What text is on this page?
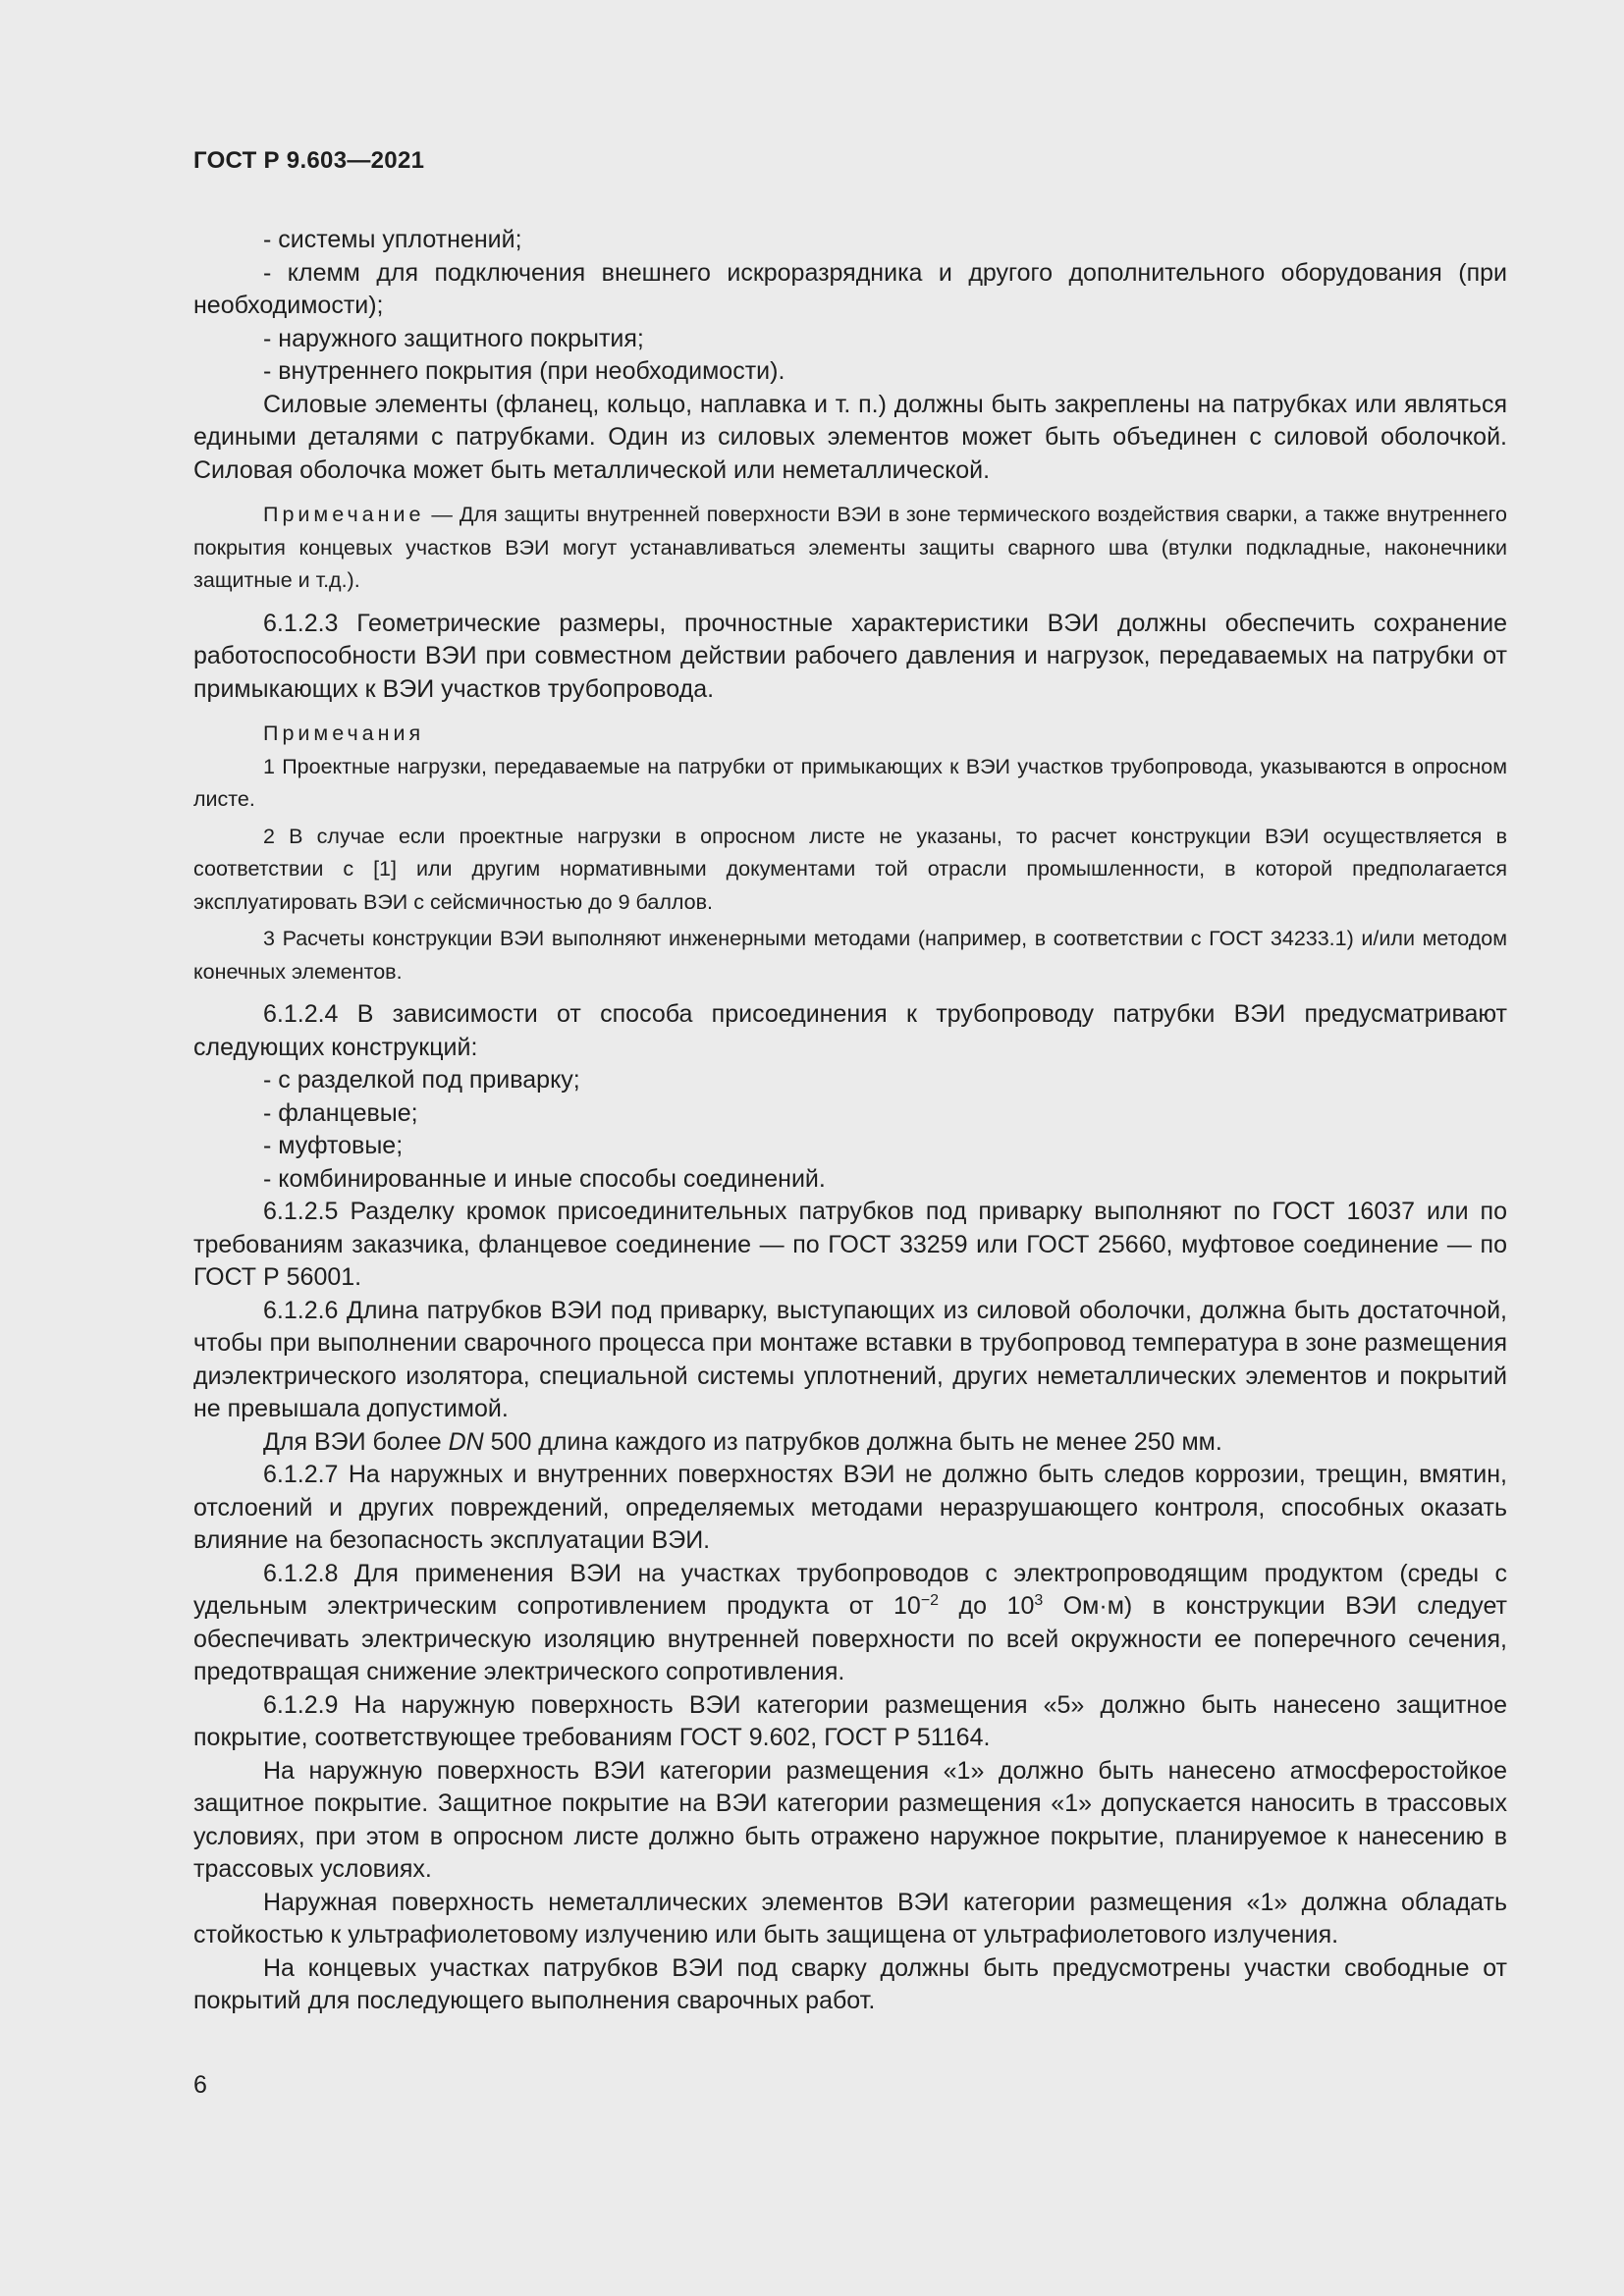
ГОСТ Р 9.603—2021

- системы уплотнений;

- клемм для подключения внешнего искроразрядника и другого дополнительного оборудования (при необходимости);

- наружного защитного покрытия;

- внутреннего покрытия (при необходимости).

Силовые элементы (фланец, кольцо, наплавка и т. п.) должны быть закреплены на патрубках или являться едиными деталями с патрубками. Один из силовых элементов может быть объединен с силовой оболочкой. Силовая оболочка может быть металлической или неметаллической.

Примечание — Для защиты внутренней поверхности ВЭИ в зоне термического воздействия сварки, а также внутреннего покрытия концевых участков ВЭИ могут устанавливаться элементы защиты сварного шва (втулки подкладные, наконечники защитные и т.д.).

6.1.2.3 Геометрические размеры, прочностные характеристики ВЭИ должны обеспечить сохранение работоспособности ВЭИ при совместном действии рабочего давления и нагрузок, передаваемых на патрубки от примыкающих к ВЭИ участков трубопровода.

Примечания

1 Проектные нагрузки, передаваемые на патрубки от примыкающих к ВЭИ участков трубопровода, указываются в опросном листе.

2 В случае если проектные нагрузки в опросном листе не указаны, то расчет конструкции ВЭИ осуществляется в соответствии с [1] или другим нормативными документами той отрасли промышленности, в которой предполагается эксплуатировать ВЭИ с сейсмичностью до 9 баллов.

3 Расчеты конструкции ВЭИ выполняют инженерными методами (например, в соответствии с ГОСТ 34233.1) и/или методом конечных элементов.

6.1.2.4 В зависимости от способа присоединения к трубопроводу патрубки ВЭИ предусматривают следующих конструкций:

- с разделкой под приварку;

- фланцевые;

- муфтовые;

- комбинированные и иные способы соединений.

6.1.2.5 Разделку кромок присоединительных патрубков под приварку выполняют по ГОСТ 16037 или по требованиям заказчика, фланцевое соединение — по ГОСТ 33259 или ГОСТ 25660, муфтовое соединение — по ГОСТ Р 56001.

6.1.2.6 Длина патрубков ВЭИ под приварку, выступающих из силовой оболочки, должна быть достаточной, чтобы при выполнении сварочного процесса при монтаже вставки в трубопровод температура в зоне размещения диэлектрического изолятора, специальной системы уплотнений, других неметаллических элементов и покрытий не превышала допустимой.

Для ВЭИ более DN 500 длина каждого из патрубков должна быть не менее 250 мм.

6.1.2.7 На наружных и внутренних поверхностях ВЭИ не должно быть следов коррозии, трещин, вмятин, отслоений и других повреждений, определяемых методами неразрушающего контроля, способных оказать влияние на безопасность эксплуатации ВЭИ.

6.1.2.8 Для применения ВЭИ на участках трубопроводов с электропроводящим продуктом (среды с удельным электрическим сопротивлением продукта от $10^{-2}$ до $10^3$ Ом·м) в конструкции ВЭИ следует обеспечивать электрическую изоляцию внутренней поверхности по всей окружности ее поперечного сечения, предотвращая снижение электрического сопротивления.

6.1.2.9 На наружную поверхность ВЭИ категории размещения «5» должно быть нанесено защитное покрытие, соответствующее требованиям ГОСТ 9.602, ГОСТ Р 51164.

На наружную поверхность ВЭИ категории размещения «1» должно быть нанесено атмосферостойкое защитное покрытие. Защитное покрытие на ВЭИ категории размещения «1» допускается наносить в трассовых условиях, при этом в опросном листе должно быть отражено наружное покрытие, планируемое к нанесению в трассовых условиях.

Наружная поверхность неметаллических элементов ВЭИ категории размещения «1» должна обладать стойкостью к ультрафиолетовому излучению или быть защищена от ультрафиолетового излучения.

На концевых участках патрубков ВЭИ под сварку должны быть предусмотрены участки свободные от покрытий для последующего выполнения сварочных работ.

6
